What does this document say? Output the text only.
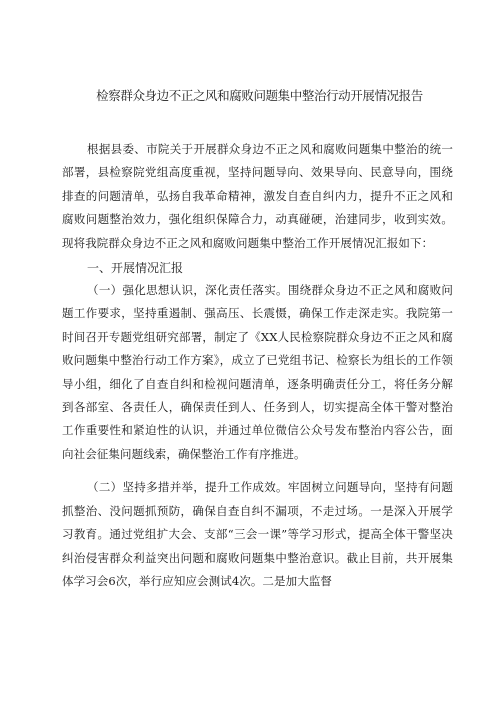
检察群众身边不正之风和腐败问题集中整治行动开展情况报告

根据县委、市院关于开展群众身边不正之风和腐败问题集中整治的统一部署，县检察院党组高度重视，坚持问题导向、效果导向、民意导向，围绕排查的问题清单，弘扬自我革命精神，激发自查自纠内力，提升不正之风和腐败问题整治效力，强化组织保障合力，动真碰硬，治建同步，收到实效。现将我院群众身边不正之风和腐败问题集中整治工作开展情况汇报如下：

一、开展情况汇报

（一）强化思想认识，深化责任落实。围绕群众身边不正之风和腐败问题工作要求，坚持重遏制、强高压、长震慑，确保工作走深走实。我院第一时间召开专题党组研究部署，制定了《XX人民检察院群众身边不正之风和腐败问题集中整治行动工作方案》，成立了已党组书记、检察长为组长的工作领导小组，细化了自查自纠和检视问题清单，逐条明确责任分工，将任务分解到各部室、各责任人，确保责任到人、任务到人，切实提高全体干警对整治工作重要性和紧迫性的认识，并通过单位微信公众号发布整治内容公告，面向社会征集问题线索，确保整治工作有序推进。

（二）坚持多措并举，提升工作成效。牢固树立问题导向，坚持有问题抓整治、没问题抓预防，确保自查自纠不漏项，不走过场。一是深入开展学习教育。通过党组扩大会、支部“三会一课”等学习形式，提高全体干警坚决纠治侵害群众利益突出问题和腐败问题集中整治意识。截止目前，共开展集体学习会6次，举行应知应会测试4次。二是加大监督
